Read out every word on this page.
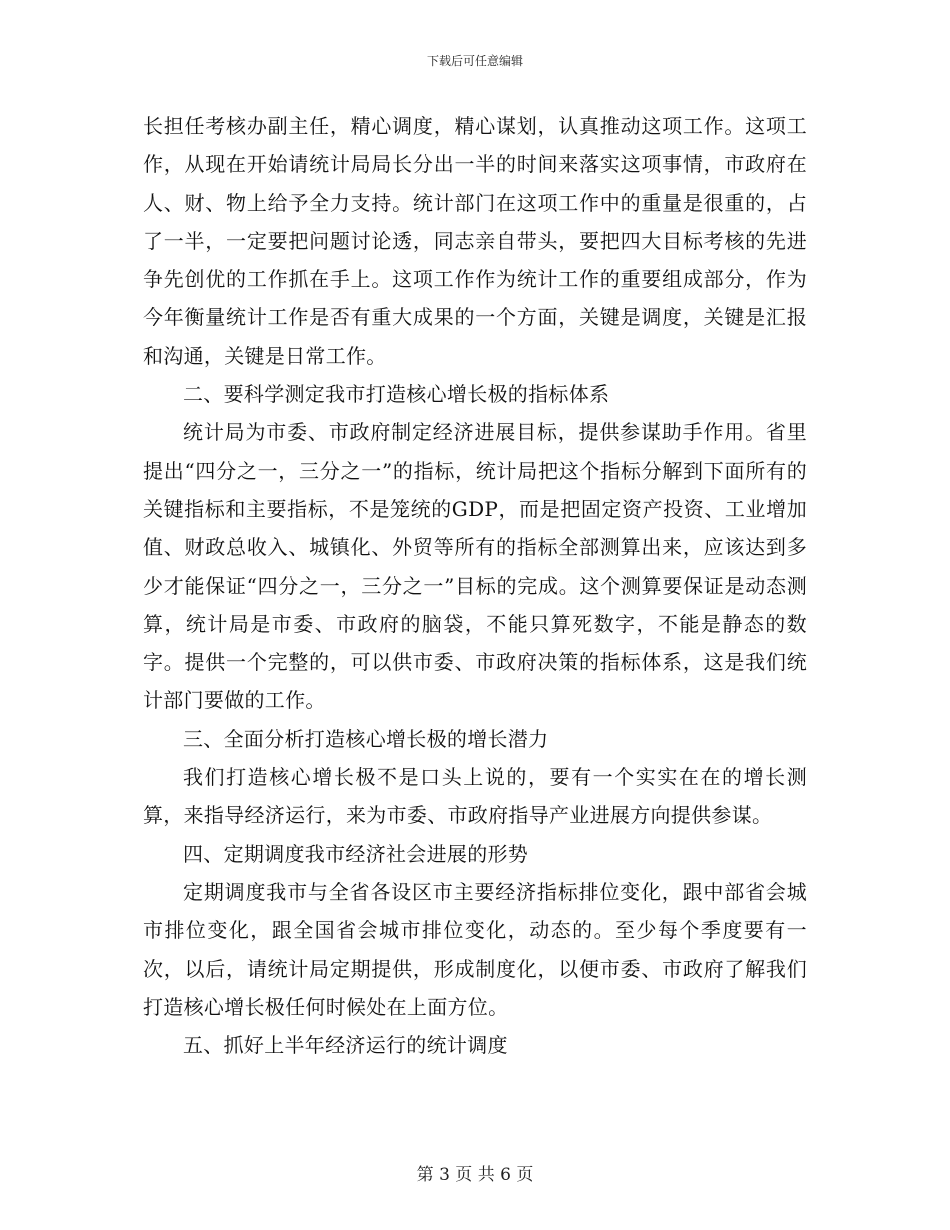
下载后可任意编辑

长担任考核办副主任，精心调度，精心谋划，认真推动这项工作。这项工作，从现在开始请统计局局长分出一半的时间来落实这项事情，市政府在人、财、物上给予全力支持。统计部门在这项工作中的重量是很重的，占了一半，一定要把问题讨论透，同志亲自带头，要把四大目标考核的先进争先创优的工作抓在手上。这项工作作为统计工作的重要组成部分，作为今年衡量统计工作是否有重大成果的一个方面，关键是调度，关键是汇报和沟通，关键是日常工作。

二、要科学测定我市打造核心增长极的指标体系

统计局为市委、市政府制定经济进展目标，提供参谋助手作用。省里提出“四分之一，三分之一”的指标，统计局把这个指标分解到下面所有的关键指标和主要指标，不是笼统的GDP，而是把固定资产投资、工业增加值、财政总收入、城镇化、外贸等所有的指标全部测算出来，应该达到多少才能保证“四分之一，三分之一”目标的完成。这个测算要保证是动态测算，统计局是市委、市政府的脑袋，不能只算死数字，不能是静态的数字。提供一个完整的，可以供市委、市政府决策的指标体系，这是我们统计部门要做的工作。

三、全面分析打造核心增长极的增长潜力

我们打造核心增长极不是口头上说的，要有一个实实在在的增长测算，来指导经济运行，来为市委、市政府指导产业进展方向提供参谋。

四、定期调度我市经济社会进展的形势

定期调度我市与全省各设区市主要经济指标排位变化，跟中部省会城市排位变化，跟全国省会城市排位变化，动态的。至少每个季度要有一次，以后，请统计局定期提供，形成制度化，以便市委、市政府了解我们打造核心增长极任何时候处在上面方位。

五、抓好上半年经济运行的统计调度

第 3 页 共 6 页
